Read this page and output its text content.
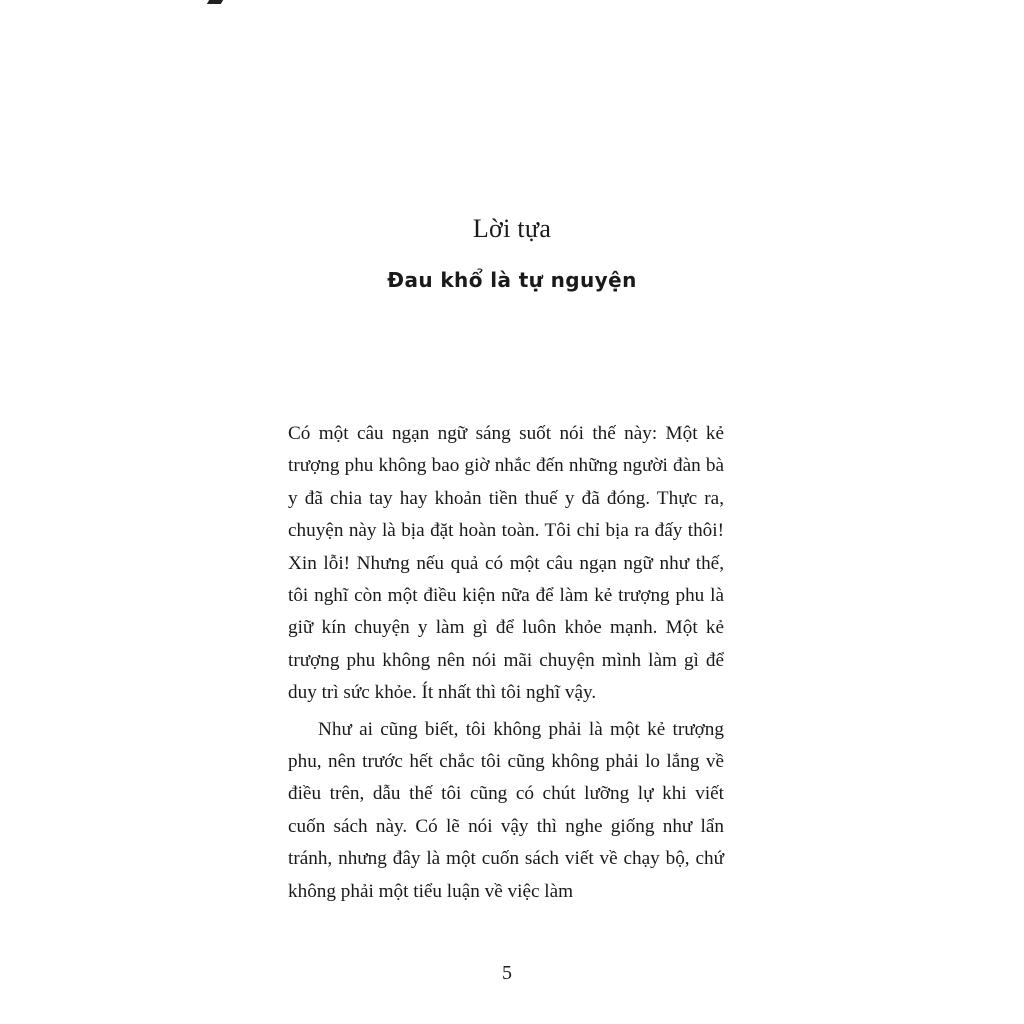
Lời tựa
Đau khổ là tự nguyện

Có một câu ngạn ngữ sáng suốt nói thế này: Một kẻ trượng phu không bao giờ nhắc đến những người đàn bà y đã chia tay hay khoản tiền thuế y đã đóng. Thực ra, chuyện này là bịa đặt hoàn toàn. Tôi chỉ bịa ra đấy thôi! Xin lỗi! Nhưng nếu quả có một câu ngạn ngữ như thế, tôi nghĩ còn một điều kiện nữa để làm kẻ trượng phu là giữ kín chuyện y làm gì để luôn khỏe mạnh. Một kẻ trượng phu không nên nói mãi chuyện mình làm gì để duy trì sức khỏe. Ít nhất thì tôi nghĩ vậy.

Như ai cũng biết, tôi không phải là một kẻ trượng phu, nên trước hết chắc tôi cũng không phải lo lắng về điều trên, dẫu thế tôi cũng có chút lưỡng lự khi viết cuốn sách này. Có lẽ nói vậy thì nghe giống như lẩn tránh, nhưng đây là một cuốn sách viết về chạy bộ, chứ không phải một tiểu luận về việc làm

5
